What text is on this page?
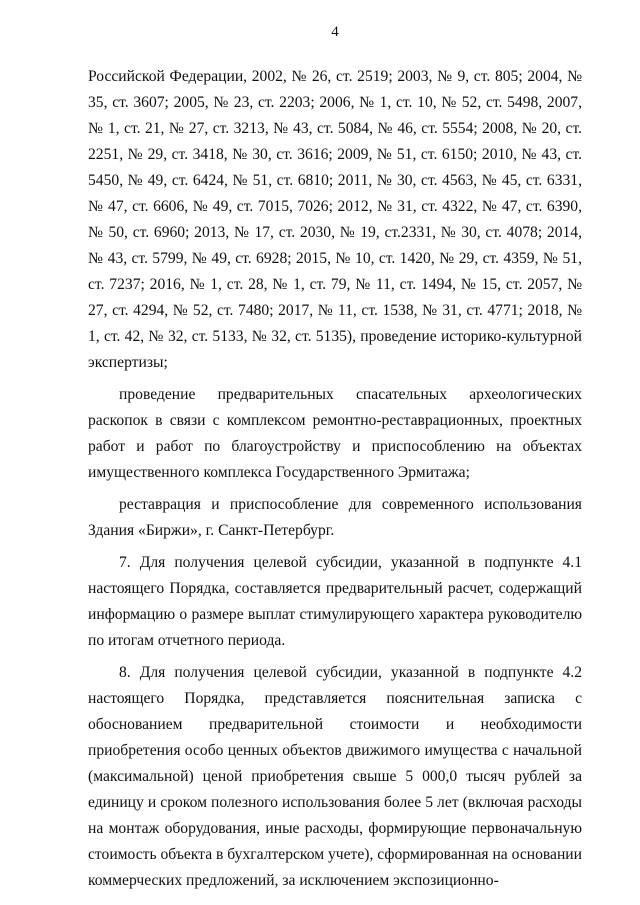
4

Российской Федерации, 2002, № 26, ст. 2519; 2003, № 9, ст. 805; 2004, № 35, ст. 3607; 2005, № 23, ст. 2203; 2006, № 1, ст. 10, № 52, ст. 5498, 2007, № 1, ст. 21, № 27, ст. 3213, № 43, ст. 5084, № 46, ст. 5554; 2008, № 20, ст. 2251, № 29, ст. 3418, № 30, ст. 3616; 2009, № 51, ст. 6150; 2010, № 43, ст. 5450, № 49, ст. 6424, № 51, ст. 6810; 2011, № 30, ст. 4563, № 45, ст. 6331, № 47, ст. 6606, № 49, ст. 7015, 7026; 2012, № 31, ст. 4322, № 47, ст. 6390, № 50, ст. 6960; 2013, № 17, ст. 2030, № 19, ст.2331, № 30, ст. 4078; 2014, № 43, ст. 5799, № 49, ст. 6928; 2015, № 10, ст. 1420, № 29, ст. 4359, № 51, ст. 7237; 2016, № 1, ст. 28, № 1, ст. 79, № 11, ст. 1494, № 15, ст. 2057, № 27, ст. 4294, № 52, ст. 7480; 2017, № 11, ст. 1538, № 31, ст. 4771; 2018, № 1, ст. 42, № 32, ст. 5133, № 32, ст. 5135), проведение историко-культурной экспертизы;

проведение предварительных спасательных археологических раскопок в связи с комплексом ремонтно-реставрационных, проектных работ и работ по благоустройству и приспособлению на объектах имущественного комплекса Государственного Эрмитажа;

реставрация и приспособление для современного использования Здания «Биржи», г. Санкт-Петербург.

7. Для получения целевой субсидии, указанной в подпункте 4.1 настоящего Порядка, составляется предварительный расчет, содержащий информацию о размере выплат стимулирующего характера руководителю по итогам отчетного периода.

8. Для получения целевой субсидии, указанной в подпункте 4.2 настоящего Порядка, представляется пояснительная записка с обоснованием предварительной стоимости и необходимости приобретения особо ценных объектов движимого имущества с начальной (максимальной) ценой приобретения свыше 5 000,0 тысяч рублей за единицу и сроком полезного использования более 5 лет (включая расходы на монтаж оборудования, иные расходы, формирующие первоначальную стоимость объекта в бухгалтерском учете), сформированная на основании коммерческих предложений, за исключением экспозиционно-
